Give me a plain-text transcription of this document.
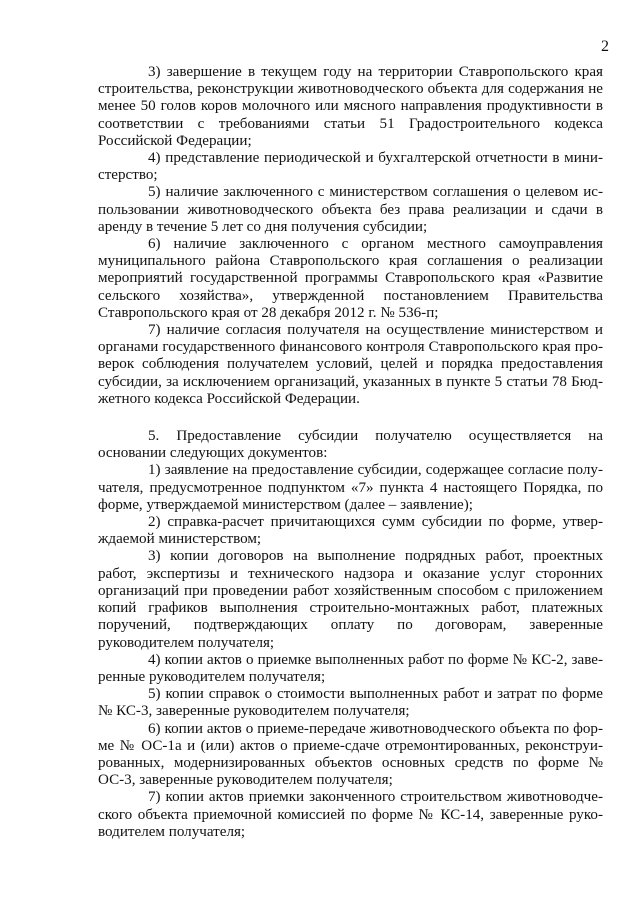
2

3) завершение в текущем году на территории Ставропольского края строительства, реконструкции животноводческого объекта для содержания не менее 50 голов коров молочного или мясного направления продуктивности в соответствии с требованиями статьи 51 Градостроительного кодекса Российской Федерации;

4) представление периодической и бухгалтерской отчетности в министерство;

5) наличие заключенного с министерством соглашения о целевом использовании животноводческого объекта без права реализации и сдачи в аренду в течение 5 лет со дня получения субсидии;

6) наличие заключенного с органом местного самоуправления муниципального района Ставропольского края соглашения о реализации мероприятий государственной программы Ставропольского края «Развитие сельского хозяйства», утвержденной постановлением Правительства Ставропольского края от 28 декабря 2012 г. № 536-п;

7) наличие согласия получателя на осуществление министерством и органами государственного финансового контроля Ставропольского края проверок соблюдения получателем условий, целей и порядка предоставления субсидии, за исключением организаций, указанных в пункте 5 статьи 78 Бюджетного кодекса Российской Федерации.

5. Предоставление субсидии получателю осуществляется на основании следующих документов:

1) заявление на предоставление субсидии, содержащее согласие получателя, предусмотренное подпунктом «7» пункта 4 настоящего Порядка, по форме, утверждаемой министерством (далее – заявление);

2) справка-расчет причитающихся сумм субсидии по форме, утверждаемой министерством;

3) копии договоров на выполнение подрядных работ, проектных работ, экспертизы и технического надзора и оказание услуг сторонних организаций при проведении работ хозяйственным способом с приложением копий графиков выполнения строительно-монтажных работ, платежных поручений, подтверждающих оплату по договорам, заверенные руководителем получателя;

4) копии актов о приемке выполненных работ по форме № КС-2, заверенные руководителем получателя;

5) копии справок о стоимости выполненных работ и затрат по форме № КС-3, заверенные руководителем получателя;

6) копии актов о приеме-передаче животноводческого объекта по форме № ОС-1а и (или) актов о приеме-сдаче отремонтированных, реконструированных, модернизированных объектов основных средств по форме № ОС-3, заверенные руководителем получателя;

7) копии актов приемки законченного строительством животноводческого объекта приемочной комиссией по форме № КС-14, заверенные руководителем получателя;
